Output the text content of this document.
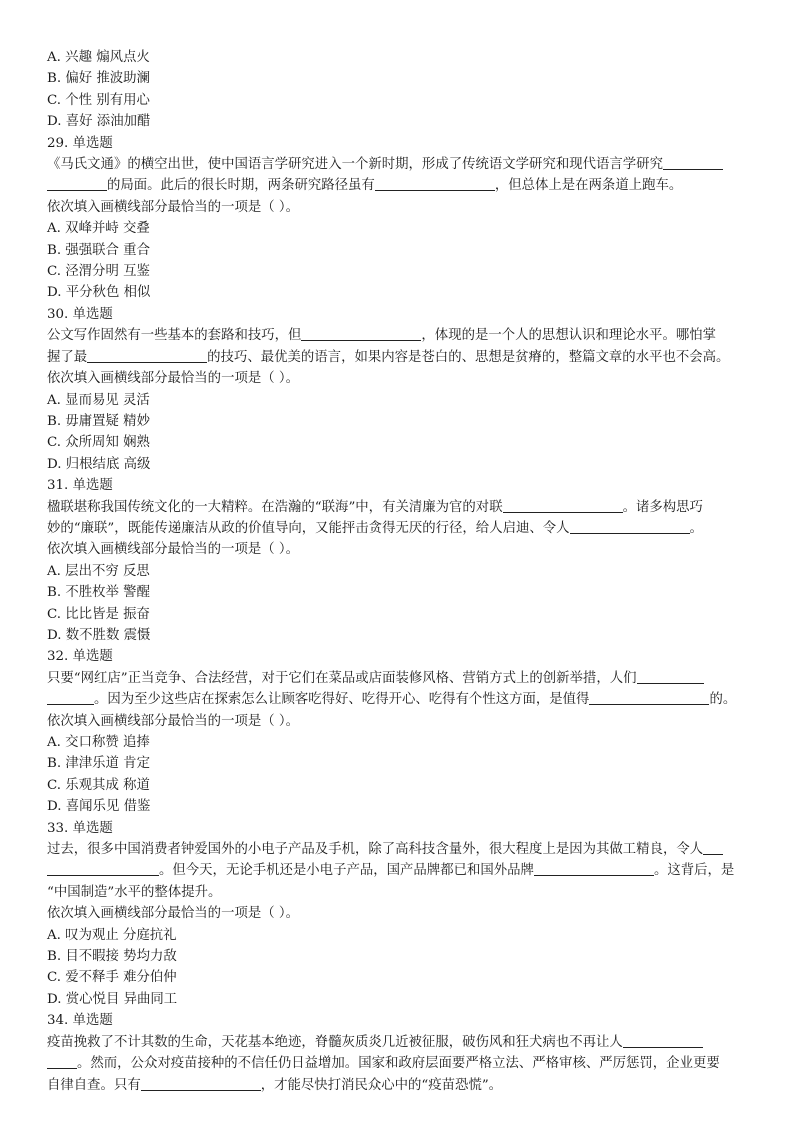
A. 兴趣 煽风点火
B. 偏好 推波助澜
C. 个性 别有用心
D. 喜好 添油加醋
29. 单选题
《马氏文通》的横空出世，使中国语言学研究进入一个新时期，形成了传统语文学研究和现代语言学研究
的局面。此后的很长时期，两条研究路径虽有	，但总体上是在两条道上跑车。
依次填入画横线部分最恰当的一项是（ ）。
A. 双峰并峙 交叠
B. 强强联合 重合
C. 泾渭分明 互鉴
D. 平分秋色 相似
30. 单选题
公文写作固然有一些基本的套路和技巧，但	，体现的是一个人的思想认识和理论水平。哪怕掌
握了最	的技巧、最优美的语言，如果内容是苍白的、思想是贫瘠的，整篇文章的水平也不会高。
依次填入画横线部分最恰当的一项是（ ）。
A. 显而易见 灵活
B. 毋庸置疑 精妙
C. 众所周知 娴熟
D. 归根结底 高级
31. 单选题
楹联堪称我国传统文化的一大精粹。在浩瀚的“联海”中，有关清廉为官的对联	。诸多构思巧
妙的“廉联”，既能传递廉洁从政的价值导向，又能抨击贪得无厌的行径，给人启迪、令人	。
依次填入画横线部分最恰当的一项是（ ）。
A. 层出不穷 反思
B. 不胜枚举 警醒
C. 比比皆是 振奋
D. 数不胜数 震慑
32. 单选题
只要“网红店”正当竞争、合法经营，对于它们在菜品或店面装修风格、营销方式上的创新举措，人们
。因为至少这些店在探索怎么让顾客吃得好、吃得开心、吃得有个性这方面，是值得	的。
依次填入画横线部分最恰当的一项是（ ）。
A. 交口称赞 追捧
B. 津津乐道 肯定
C. 乐观其成 称道
D. 喜闻乐见 借鉴
33. 单选题
过去，很多中国消费者钟爱国外的小电子产品及手机，除了高科技含量外，很大程度上是因为其做工精良，令人
。但今天，无论手机还是小电子产品，国产品牌都已和国外品牌	。这背后，是
“中国制造”水平的整体提升。
依次填入画横线部分最恰当的一项是（ ）。
A. 叹为观止 分庭抗礼
B. 目不暇接 势均力敌
C. 爱不释手 难分伯仲
D. 赏心悦目 异曲同工
34. 单选题
疫苗挽救了不计其数的生命，天花基本绝迹，脊髓灰质炎几近被征服，破伤风和狂犬病也不再让人
。然而，公众对疫苗接种的不信任仍日益增加。国家和政府层面要严格立法、严格审核、严厉惩罚，企业更要
自律自查。只有	，才能尽快打消民众心中的“疫苗恐慌”。
